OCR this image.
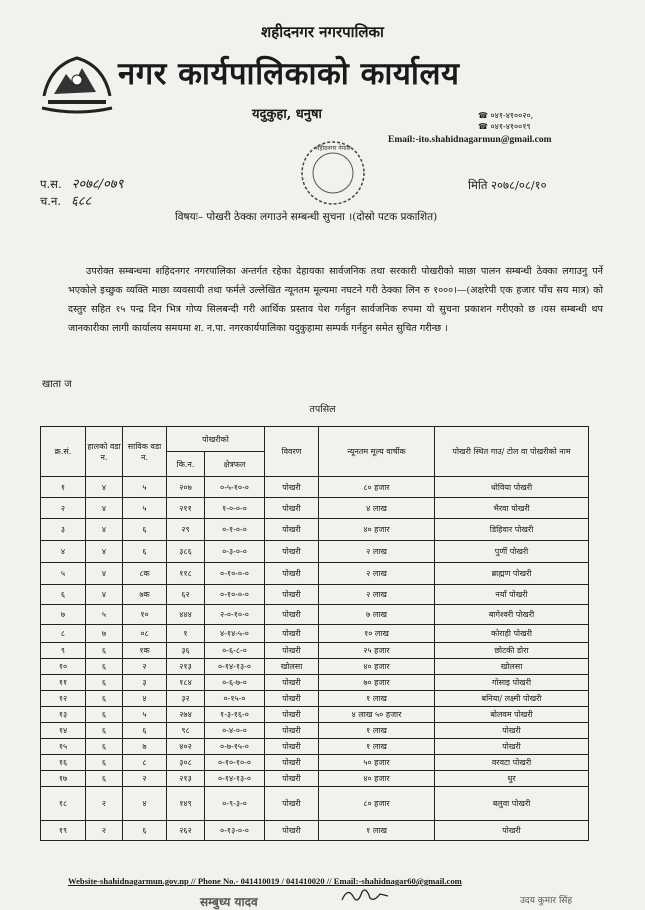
शहीदनगर नगरपालिका
नगर कार्यपालिकाको कार्यालय
यदुकुहा, धनुषा	☎ ०४१-४१००२०,
☎ ०४१-४१००१९
Email:-ito.shahidnagarmun@gmail.com
शहीदनगर नेपाल
प.स. २०७८/०७९
च.न. ६८८
मिति २०७८/०८/१०
विषयः– पोखरी ठेक्का लगाउने सम्बन्धी सुचना ।(दोस्रो पटक प्रकाशित)
उपरोक्त सम्बन्धमा शहिदनगर नगरपालिका अन्तर्गत रहेका देहायका सार्वजनिक तथा सरकारी पोखरीको माछा पालन सम्बन्धी ठेक्का लगाउनु पर्ने भएकोले इच्छुक व्यक्ति माछा व्यवसायी तथा फर्मले उल्लेखित न्यूनतम मूल्यमा नघटने गरी ठेक्का लिन रु १०००।—(अक्षरेपी एक हजार पाँच सय मात्र) को दस्तुर सहित १५ पन्द्र दिन भित्र गोप्य सिलबन्दी गरी आर्थिक प्रस्ताव पेश गर्नहुन सार्वजनिक रुपमा यो सुचना प्रकाशन गरीएको छ ।यस सम्बन्धी थप जानकारीका लागी कार्यालय समयमा श. न.पा. नगरकार्यपालिका यदुकुहामा सम्पर्क गर्नहुन समेत सुचित गरीन्छ ।
खाता ज
तपसिल
क्र.सं.	हालको वडा न.	साविक वडा न.	पोखरीको		विवरण	न्यूनतम मूल्य वार्षीक	पोखरी स्थित गाउ/ टोल वा पोखरीको नाम
			कि.न.	क्षेत्रफल			
१	४	५	२०७	०-५-१०-०	पोखरी	८० हजार	धोविया पोखरी
२	४	५	२११	१-०-०-०	पोखरी	४ लाख	भैरवा पोखरी
३	४	६	२९	०-१-०-०	पोखरी	४० हजार	डिहिवार पोखरी
४	४	६	३८६	०-३-०-०	पोखरी	२ लाख	पुर्णी पोखरी
५	४	८क	११८	०-१०-०-०	पोखरी	२ लाख	ब्राह्मण पोखरी
६	४	७क	६२	०-१०-०-०	पोखरी	२ लाख	नयाँ पोखरी
७	५	१०	४४४	२-०-१०-०	पोखरी	७ लाख	बागेश्वरी पोखरी
८	७	०८	१	४-१४-५-०	पोखरी	१० लाख	कोराही पोखरी
९	६	१क	३६	०-६-८-०	पोखरी	२५ हजार	छोटकी डोरा
१०	६	२	२१३	०-१४-१३-०	खोलसा	४० हजार	खोलसा
११	६	३	१८४	०-६-७-०	पोखरी	७० हजार	गोसाइ पोखरी
१२	६	४	३२	०-१५-०	पोखरी	१ लाख	बनिया/ लक्ष्मी पोखरी
१३	६	५	२७४	१-३-१६-०	पोखरी	४ लाख ५० हजार	बोलवम पोखरी
१४	६	६	९८	०-४-०-०	पोखरी	१ लाख	पोखरी
१५	६	७	४०२	०-७-१५-०	पोखरी	१ लाख	पोखरी
१६	६	८	३०८	०-१०-१०-०	पोखरी	५० हजार	वरवटा पोखरी
१७	६	२	२१३	०-१४-१३-०	पोखरी	४० हजार	धुर
१८	२	४	१४९	०-९-३-०	पोखरी	८० हजार	बलुवा पोखरी
१९	२	६	२६२	०-१३-०-०	पोखरी	१ लाख	पोखरी
Website-shahidnagarmun.gov.np // Phone No.- 041410019 / 041410020 // Email:-shahidnagar60@gmail.com
सम्बुध्य यादव	उदय कुमार सिंह
